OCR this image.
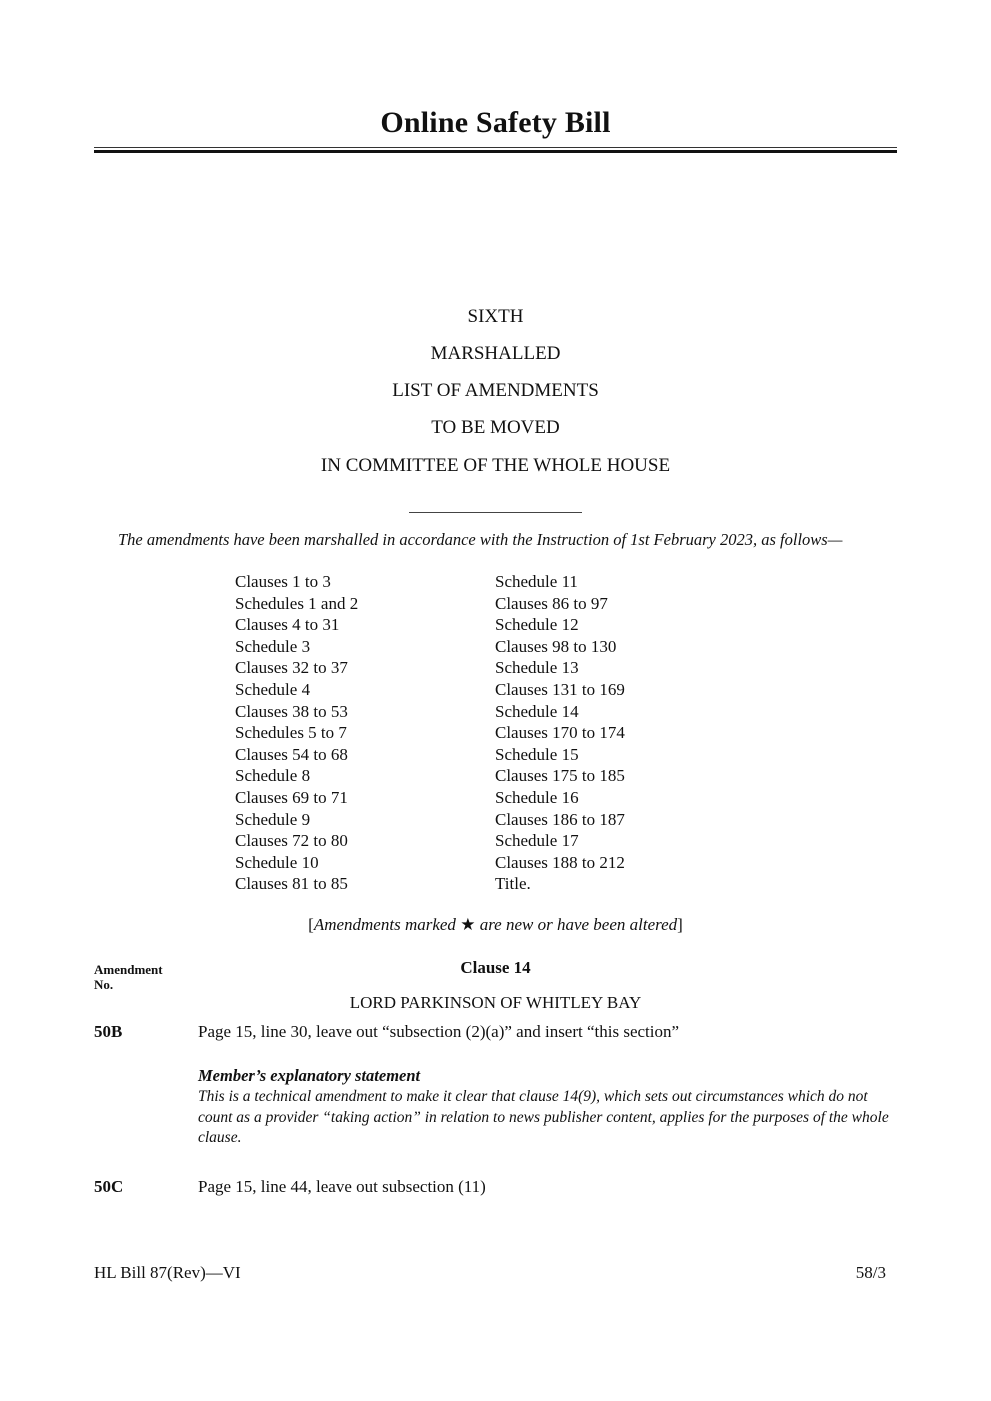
Online Safety Bill
SIXTH
MARSHALLED
LIST OF AMENDMENTS
TO BE MOVED
IN COMMITTEE OF THE WHOLE HOUSE
The amendments have been marshalled in accordance with the Instruction of 1st February 2023, as follows—
Clauses 1 to 3
Schedules 1 and 2
Clauses 4 to 31
Schedule 3
Clauses 32 to 37
Schedule 4
Clauses 38 to 53
Schedules 5 to 7
Clauses 54 to 68
Schedule 8
Clauses 69 to 71
Schedule 9
Clauses 72 to 80
Schedule 10
Clauses 81 to 85
Schedule 11
Clauses 86 to 97
Schedule 12
Clauses 98 to 130
Schedule 13
Clauses 131 to 169
Schedule 14
Clauses 170 to 174
Schedule 15
Clauses 175 to 185
Schedule 16
Clauses 186 to 187
Schedule 17
Clauses 188 to 212
Title.
[Amendments marked ★ are new or have been altered]
Amendment
No.
Clause 14
LORD PARKINSON OF WHITLEY BAY
50B	Page 15, line 30, leave out “subsection (2)(a)” and insert “this section”
Member’s explanatory statement
This is a technical amendment to make it clear that clause 14(9), which sets out circumstances which do not count as a provider “taking action” in relation to news publisher content, applies for the purposes of the whole clause.
50C	Page 15, line 44, leave out subsection (11)
HL Bill 87(Rev)—VI	58/3
